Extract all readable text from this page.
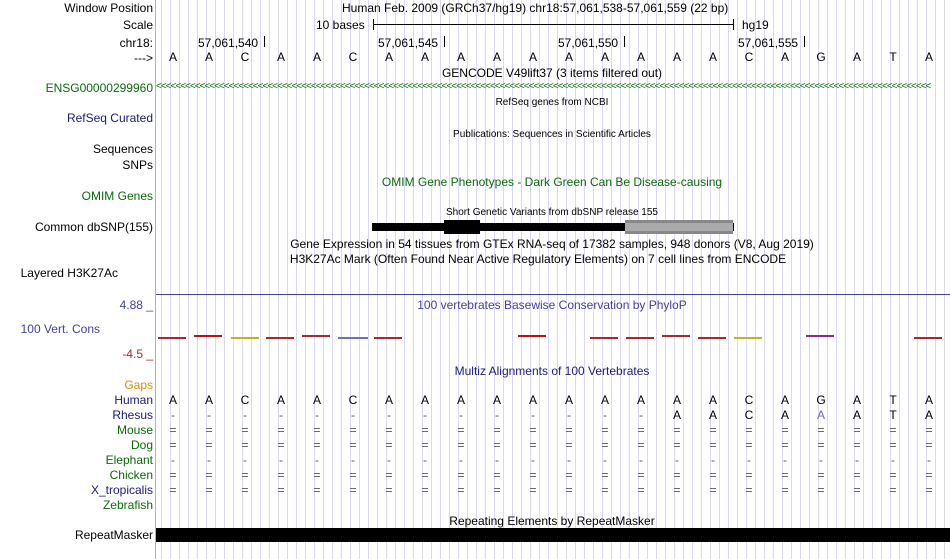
Window Position	Human Feb. 2009 (GRCh37/hg19) chr18:57,061,538-57,061,559 (22 bp)
Scale	10 bases	hg19
chr18:	57,061,540	57,061,545	57,061,550	57,061,555
---> A A C A A C A A A A A A A A A A C A G A T A
GENCODE V49lift37 (3 items filtered out)
ENSG00000299960 <<<<<<<<<<<<<<<<<<<<<<<<<<<<<<<<<<<<<<<<<<<<<<<<<<<<<<<<<<<<<<<<<<<<<<<<<<<<<<<<<<<<<<<<<<<<<<<<<<<<<<<<<<<<<<<<<<<<<<<<<<<<<<<<<<<<<<<<<<<<<<<<<<<<<<<<<<<<<<<<
RefSeq genes from NCBI
RefSeq Curated
Publications: Sequences in Scientific Articles
Sequences
SNPs
OMIM Gene Phenotypes - Dark Green Can Be Disease-causing
OMIM Genes
Short Genetic Variants from dbSNP release 155
Common dbSNP(155)
Gene Expression in 54 tissues from GTEx RNA-seq of 17382 samples, 948 donors (V8, Aug 2019)
H3K27Ac Mark (Often Found Near Active Regulatory Elements) on 7 cell lines from ENCODE
Layered H3K27Ac
4.88 _	100 vertebrates Basewise Conservation by PhyloP
100 Vert. Cons
-4.5 _
Multiz Alignments of 100 Vertebrates
Gaps
Human A A C A A C A A A A A A A A A A C A G A T A
Rhesus -	-	-	-	-	-	-	-	-	-	-	-	-	- A A C A A A T A
Mouse = = = = = = = = = = = = = = = = = = = = = =
Dog = = = = = = = = = = = = = = = = = = = = = =
Elephant -	-	-	-	-	-	-	-	-	-	-	-	-	-	-	-	-	-	-	-	-	-
Chicken = = = = = = = = = = = = = = = = = = = = = =
X_tropicalis = = = = = = = = = = = = = = = = = = = = = =
Zebrafish
Repeating Elements by RepeatMasker
RepeatMasker
